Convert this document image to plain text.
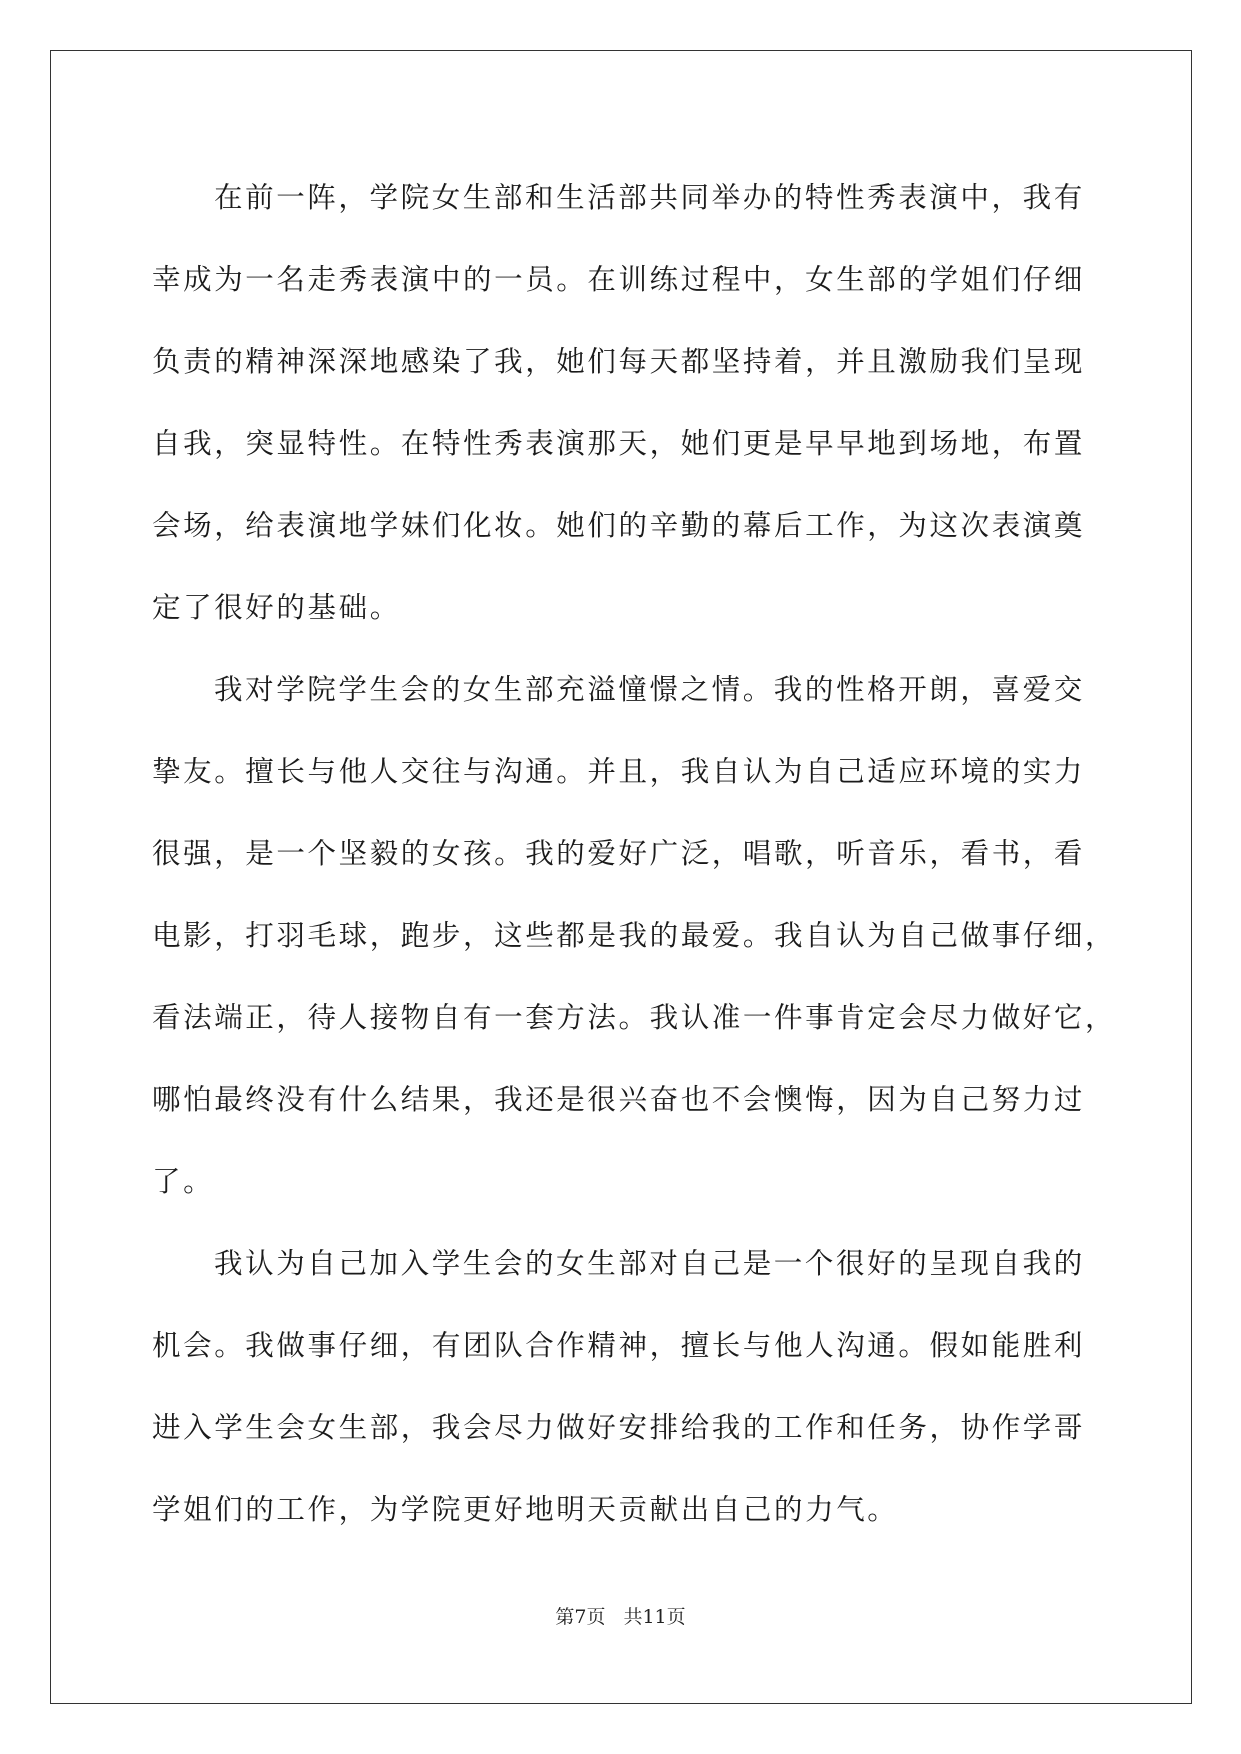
在前一阵，学院女生部和生活部共同举办的特性秀表演中，我有
幸成为一名走秀表演中的一员。在训练过程中，女生部的学姐们仔细
负责的精神深深地感染了我，她们每天都坚持着，并且激励我们呈现
自我，突显特性。在特性秀表演那天，她们更是早早地到场地，布置
会场，给表演地学妹们化妆。她们的辛勤的幕后工作，为这次表演奠
定了很好的基础。
我对学院学生会的女生部充溢憧憬之情。我的性格开朗，喜爱交
挚友。擅长与他人交往与沟通。并且，我自认为自己适应环境的实力
很强，是一个坚毅的女孩。我的爱好广泛，唱歌，听音乐，看书，看
电影，打羽毛球，跑步，这些都是我的最爱。我自认为自己做事仔细，
看法端正，待人接物自有一套方法。我认准一件事肯定会尽力做好它，
哪怕最终没有什么结果，我还是很兴奋也不会懊悔，因为自己努力过
了。
我认为自己加入学生会的女生部对自己是一个很好的呈现自我的
机会。我做事仔细，有团队合作精神，擅长与他人沟通。假如能胜利
进入学生会女生部，我会尽力做好安排给我的工作和任务，协作学哥
学姐们的工作，为学院更好地明天贡献出自己的力气。
第7页 共11页
